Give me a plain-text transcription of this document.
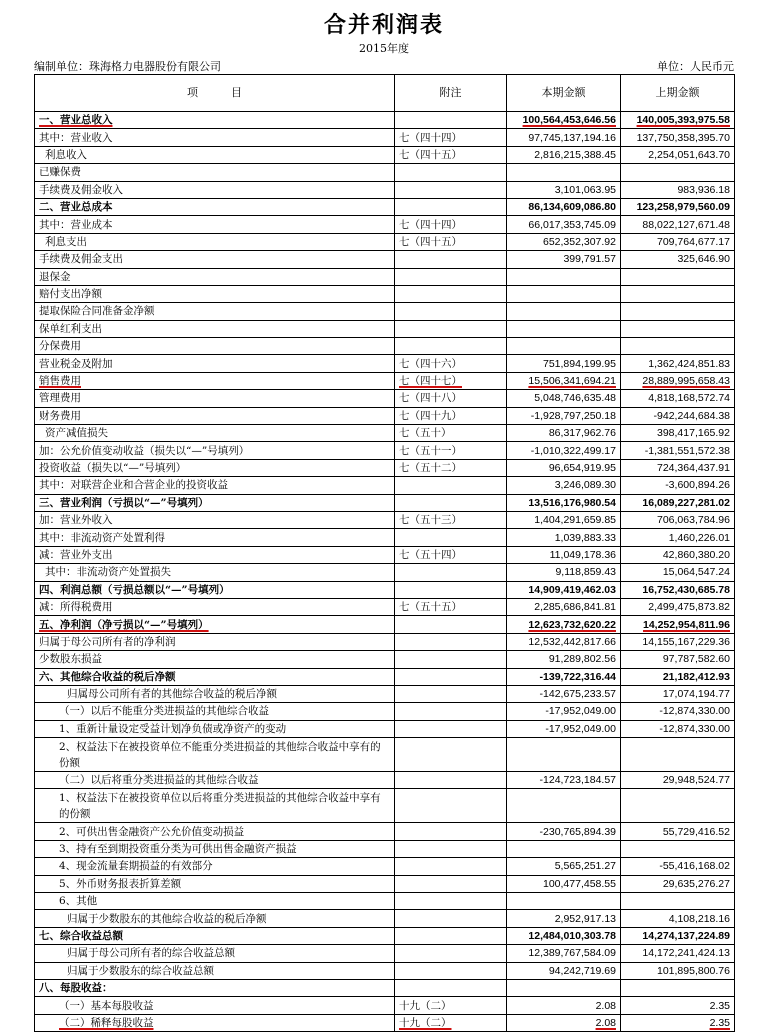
合并利润表
2015年度
编制单位：珠海格力电器股份有限公司	单位：人民币元
项　　　目	附注	本期金额	上期金额
一、营业总收入		100,564,453,646.56	140,005,393,975.58
其中：营业收入	七（四十四）	97,745,137,194.16	137,750,358,395.70
利息收入	七（四十五）	2,816,215,388.45	2,254,051,643.70
已赚保费			
手续费及佣金收入		3,101,063.95	983,936.18
二、营业总成本		86,134,609,086.80	123,258,979,560.09
其中：营业成本	七（四十四）	66,017,353,745.09	88,022,127,671.48
利息支出	七（四十五）	652,352,307.92	709,764,677.17
手续费及佣金支出		399,791.57	325,646.90
退保金			
赔付支出净额			
提取保险合同准备金净额			
保单红利支出			
分保费用			
营业税金及附加	七（四十六）	751,894,199.95	1,362,424,851.83
销售费用	七（四十七）	15,506,341,694.21	28,889,995,658.43
管理费用	七（四十八）	5,048,746,635.48	4,818,168,572.74
财务费用	七（四十九）	-1,928,797,250.18	-942,244,684.38
资产减值损失	七（五十）	86,317,962.76	398,417,165.92
加：公允价值变动收益（损失以“—”号填列）	七（五十一）	-1,010,322,499.17	-1,381,551,572.38
投资收益（损失以“—”号填列）	七（五十二）	96,654,919.95	724,364,437.91
其中：对联营企业和合营企业的投资收益		3,246,089.30	-3,600,894.26
三、营业利润（亏损以“—”号填列）		13,516,176,980.54	16,089,227,281.02
加：营业外收入	七（五十三）	1,404,291,659.85	706,063,784.96
其中：非流动资产处置利得		1,039,883.33	1,460,226.01
减：营业外支出	七（五十四）	11,049,178.36	42,860,380.20
其中：非流动资产处置损失		9,118,859.43	15,064,547.24
四、利润总额（亏损总额以“—”号填列）		14,909,419,462.03	16,752,430,685.78
减：所得税费用	七（五十五）	2,285,686,841.81	2,499,475,873.82
五、净利润（净亏损以“—”号填列）		12,623,732,620.22	14,252,954,811.96
归属于母公司所有者的净利润		12,532,442,817.66	14,155,167,229.36
少数股东损益		91,289,802.56	97,787,582.60
六、其他综合收益的税后净额		-139,722,316.44	21,182,412.93
归属母公司所有者的其他综合收益的税后净额		-142,675,233.57	17,074,194.77
（一）以后不能重分类进损益的其他综合收益		-17,952,049.00	-12,874,330.00
1、重新计量设定受益计划净负债或净资产的变动		-17,952,049.00	-12,874,330.00
2、权益法下在被投资单位不能重分类进损益的其他综合收益中享有的份额			
（二）以后将重分类进损益的其他综合收益		-124,723,184.57	29,948,524.77
1、权益法下在被投资单位以后将重分类进损益的其他综合收益中享有的份额			
2、可供出售金融资产公允价值变动损益		-230,765,894.39	55,729,416.52
3、持有至到期投资重分类为可供出售金融资产损益			
4、现金流量套期损益的有效部分		5,565,251.27	-55,416,168.02
5、外币财务报表折算差额		100,477,458.55	29,635,276.27
6、其他			
归属于少数股东的其他综合收益的税后净额		2,952,917.13	4,108,218.16
七、综合收益总额		12,484,010,303.78	14,274,137,224.89
归属于母公司所有者的综合收益总额		12,389,767,584.09	14,172,241,424.13
归属于少数股东的综合收益总额		94,242,719.69	101,895,800.76
八、每股收益：			
（一）基本每股收益	十九（二）	2.08	2.35
（二）稀释每股收益	十九（二）	2.08	2.35
